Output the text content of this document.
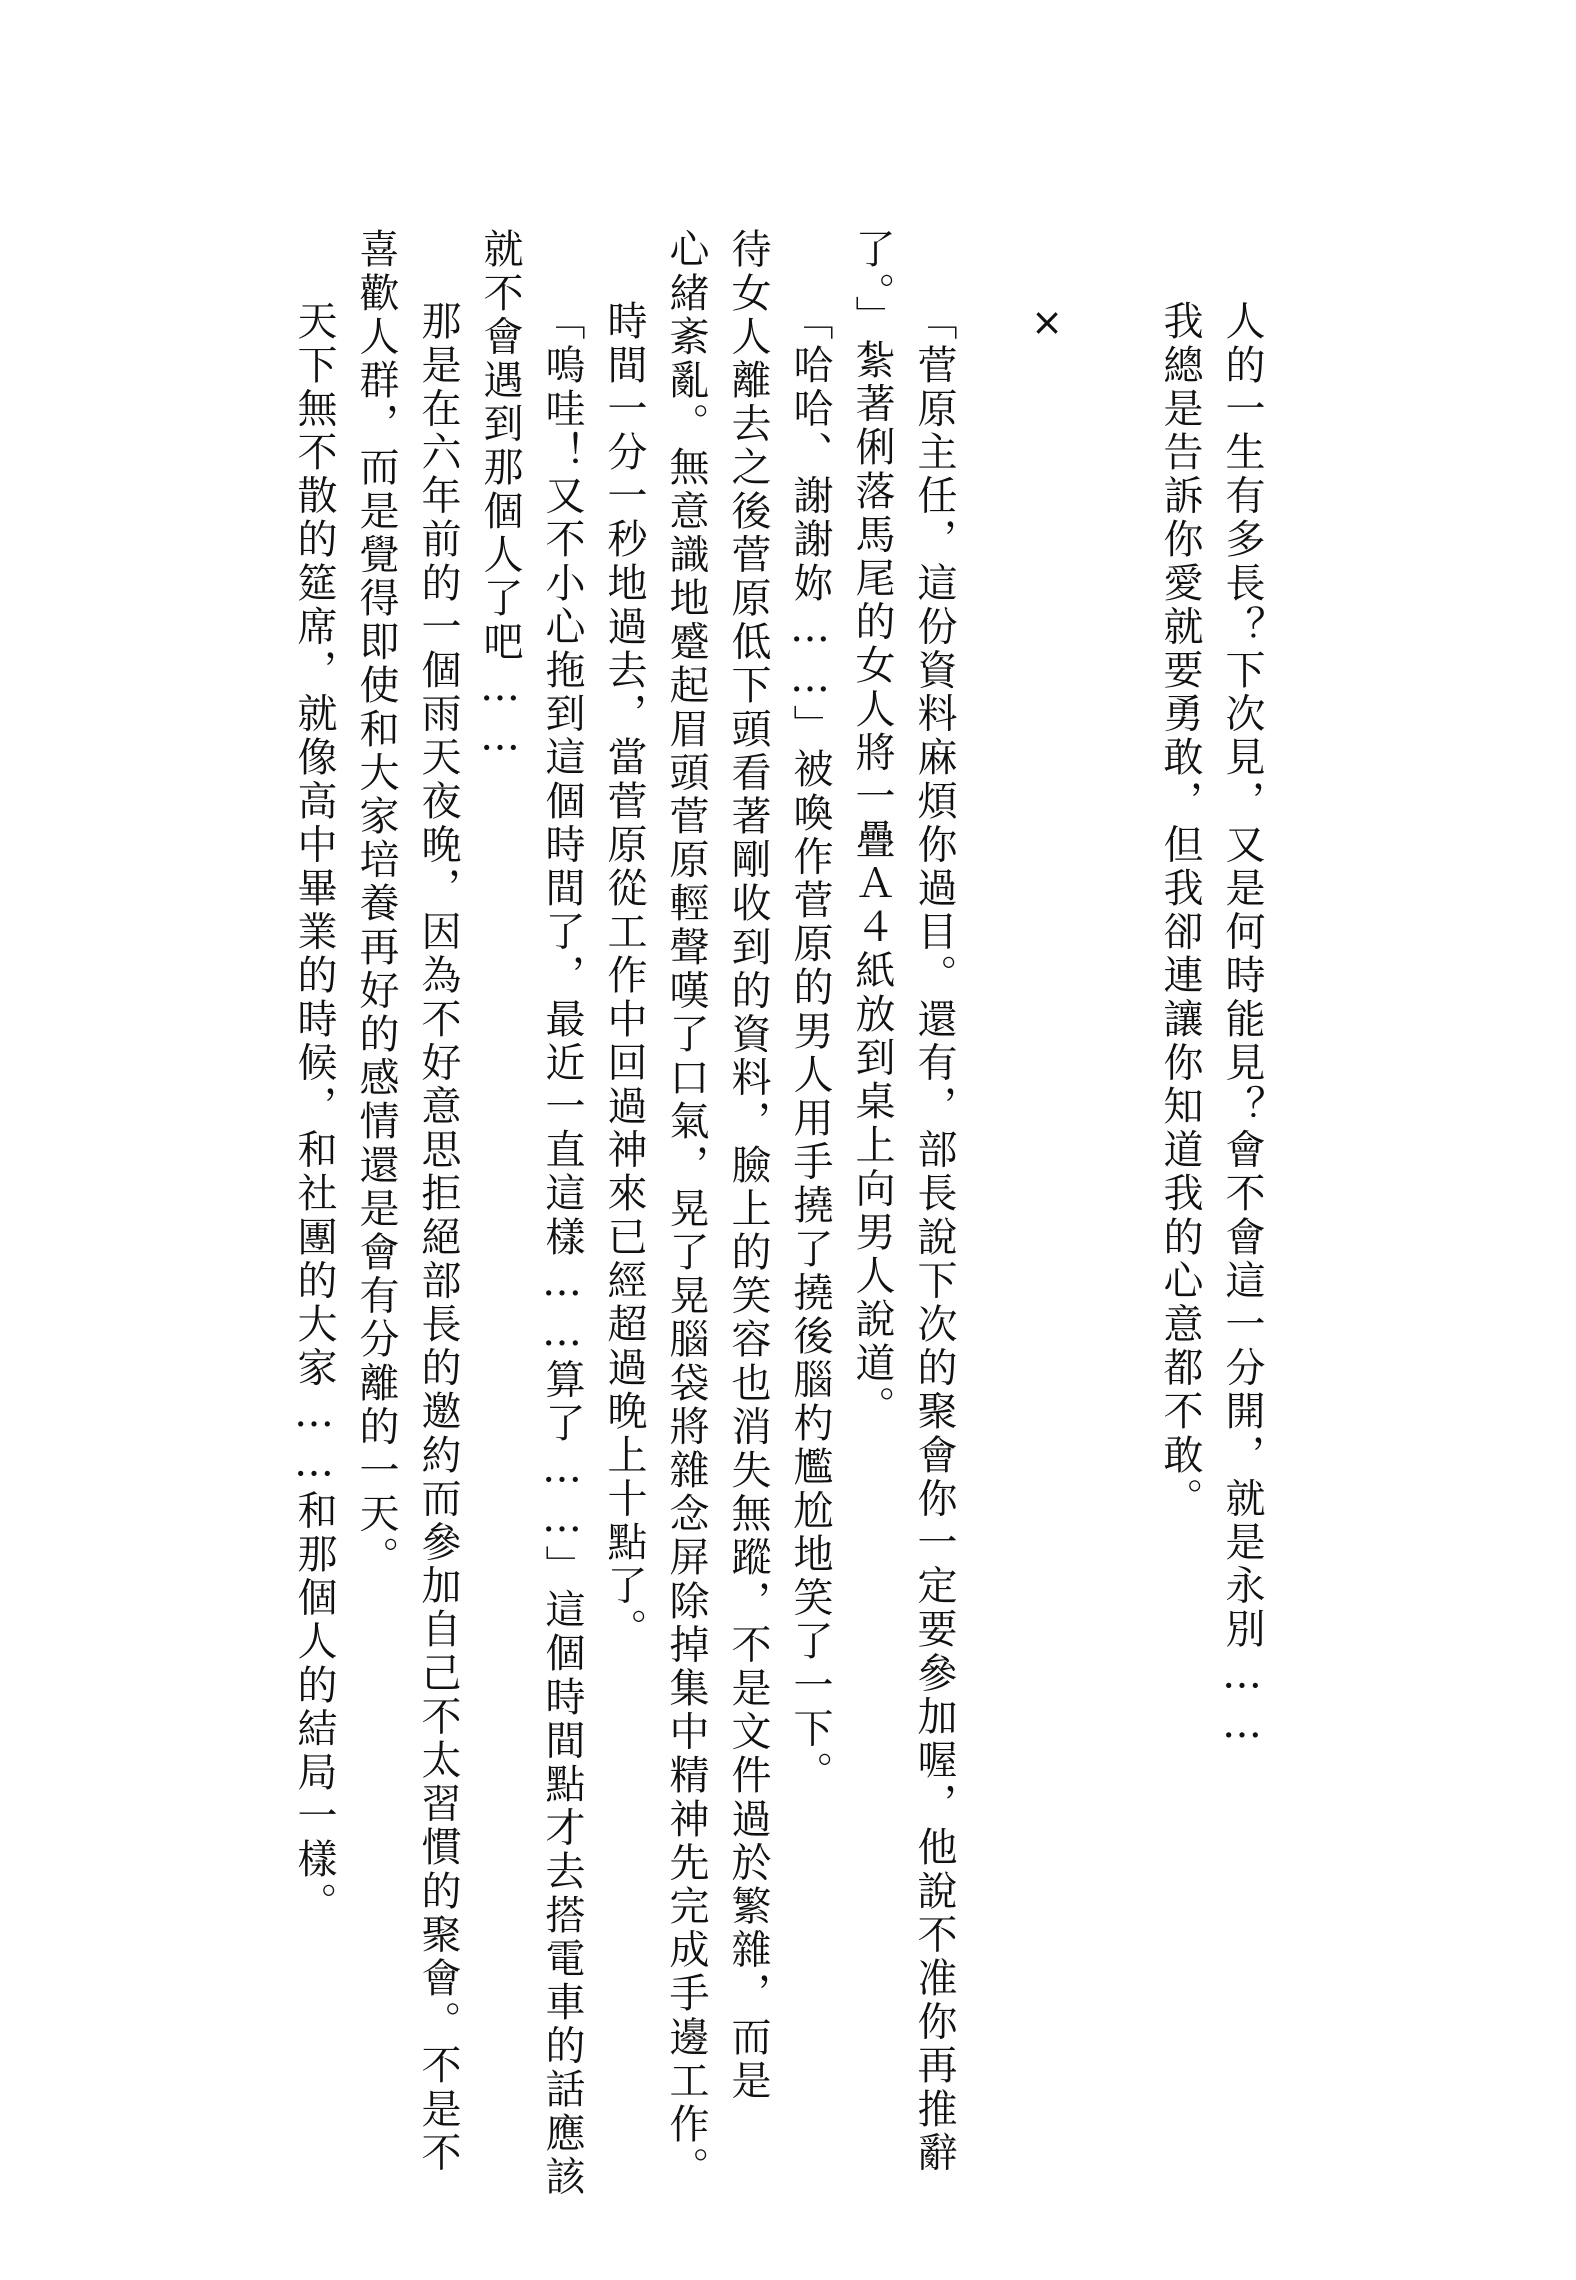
人的一生有多長？下次見，又是何時能見？會不會這一分開，就是永別……
我總是告訴你愛就要勇敢，但我卻連讓你知道我的心意都不敢。
×
「菅原主任，這份資料麻煩你過目。還有，部長說下次的聚會你一定要參加喔，他說不准你再推辭
了。」紮著俐落馬尾的女人將一疊Ａ４紙放到桌上向男人說道。
「哈哈、謝謝妳……」被喚作菅原的男人用手撓了撓後腦杓尷尬地笑了一下。
待女人離去之後菅原低下頭看著剛收到的資料，臉上的笑容也消失無蹤，不是文件過於繁雜，而是
心緒紊亂。無意識地蹙起眉頭菅原輕聲嘆了口氣，晃了晃腦袋將雜念屏除掉集中精神先完成手邊工作。
時間一分一秒地過去，當菅原從工作中回過神來已經超過晚上十點了。
「嗚哇！又不小心拖到這個時間了，最近一直這樣……算了……」這個時間點才去搭電車的話應該
就不會遇到那個人了吧……
那是在六年前的一個雨天夜晚，因為不好意思拒絕部長的邀約而參加自己不太習慣的聚會。不是不
喜歡人群，而是覺得即使和大家培養再好的感情還是會有分離的一天。
天下無不散的筵席，就像高中畢業的時候，和社團的大家……和那個人的結局一樣。
